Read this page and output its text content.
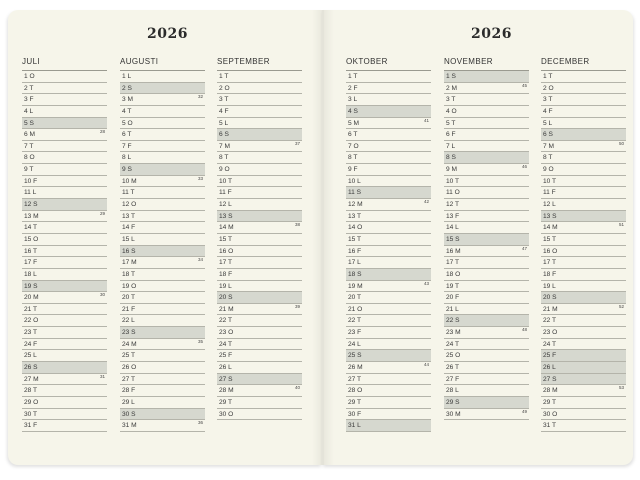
2026	2026
JULI
1 O
2 T
3 F
4 L
5 S
6 M	28
7 T
8 O
9 T
10 F
11 L
12 S
13 M	29
14 T
15 O
16 T
17 F
18 L
19 S
20 M	30
21 T
22 O
23 T
24 F
25 L
26 S
27 M	31
28 T
29 O
30 T
31 F
AUGUSTI
1 L
2 S
3 M	32
4 T
5 O
6 T
7 F
8 L
9 S
10 M	33
11 T
12 O
13 T
14 F
15 L
16 S
17 M	34
18 T
19 O
20 T
21 F
22 L
23 S
24 M	35
25 T
26 O
27 T
28 F
29 L
30 S
31 M	36
SEPTEMBER
1 T
2 O
3 T
4 F
5 L
6 S
7 M	37
8 T
9 O
10 T
11 F
12 L
13 S
14 M	38
15 T
16 O
17 T
18 F
19 L
20 S
21 M	39
22 T
23 O
24 T
25 F
26 L
27 S
28 M	40
29 T
30 O
OKTOBER
1 T
2 F
3 L
4 S
5 M	41
6 T
7 O
8 T
9 F
10 L
11 S
12 M	42
13 T
14 O
15 T
16 F
17 L
18 S
19 M	43
20 T
21 O
22 T
23 F
24 L
25 S
26 M	44
27 T
28 O
29 T
30 F
31 L
NOVEMBER
1 S
2 M	45
3 T
4 O
5 T
6 F
7 L
8 S
9 M	46
10 T
11 O
12 T
13 F
14 L
15 S
16 M	47
17 T
18 O
19 T
20 F
21 L
22 S
23 M	48
24 T
25 O
26 T
27 F
28 L
29 S
30 M	49
DECEMBER
1 T
2 O
3 T
4 F
5 L
6 S
7 M	50
8 T
9 O
10 T
11 F
12 L
13 S
14 M	51
15 T
16 O
17 T
18 F
19 L
20 S
21 M	52
22 T
23 O
24 T
25 F
26 L
27 S
28 M	53
29 T
30 O
31 T
